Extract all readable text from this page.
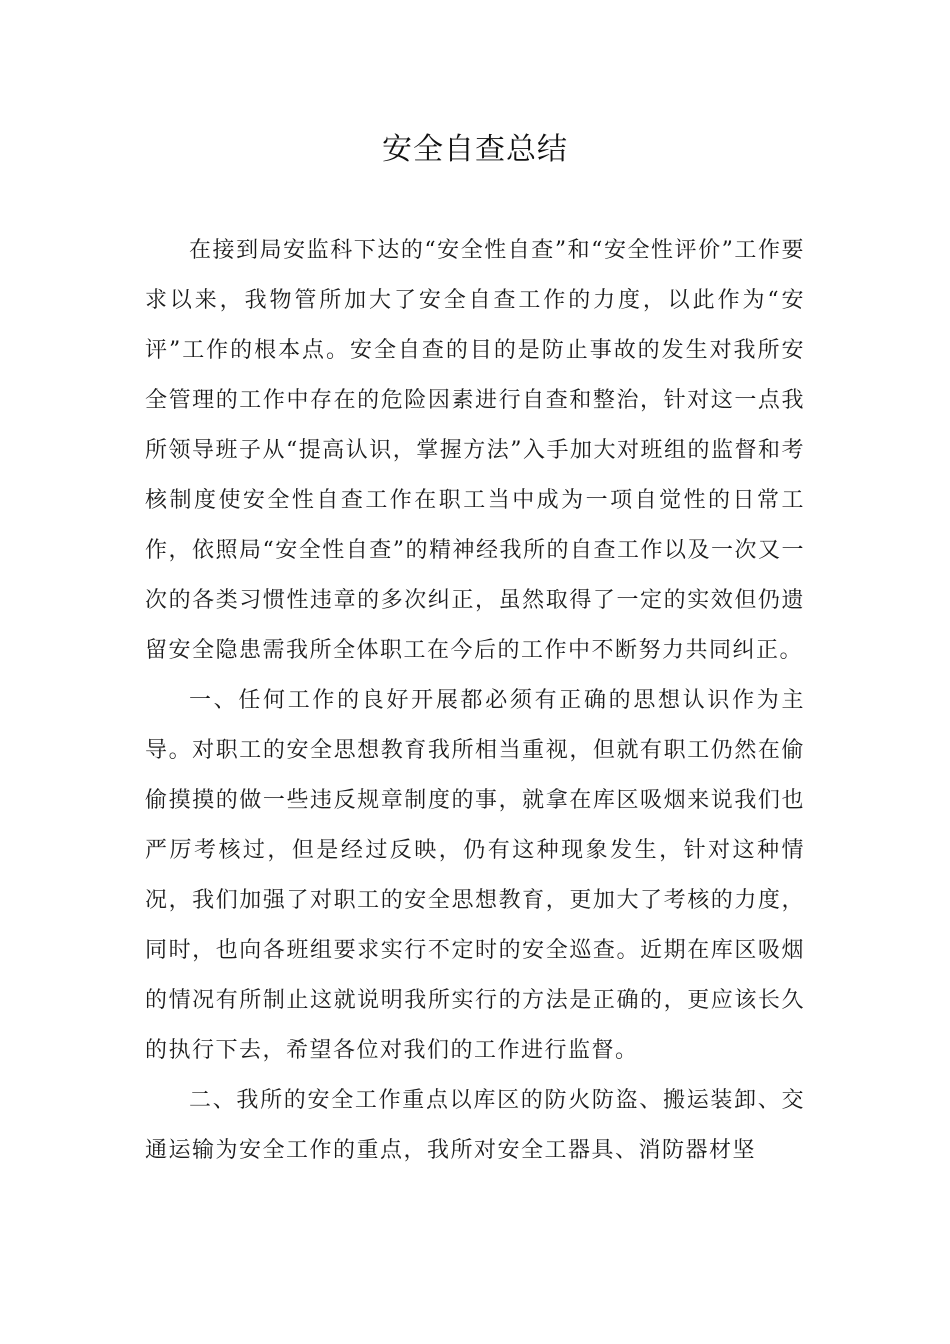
安全自查总结

在接到局安监科下达的“安全性自查”和“安全性评价”工作要求以来，我物管所加大了安全自查工作的力度，以此作为“安评”工作的根本点。安全自查的目的是防止事故的发生对我所安全管理的工作中存在的危险因素进行自查和整治，针对这一点我所领导班子从“提高认识，掌握方法”入手加大对班组的监督和考核制度使安全性自查工作在职工当中成为一项自觉性的日常工作，依照局“安全性自查”的精神经我所的自查工作以及一次又一次的各类习惯性违章的多次纠正，虽然取得了一定的实效但仍遗留安全隐患需我所全体职工在今后的工作中不断努力共同纠正。

一、任何工作的良好开展都必须有正确的思想认识作为主导。对职工的安全思想教育我所相当重视，但就有职工仍然在偷偷摸摸的做一些违反规章制度的事，就拿在库区吸烟来说我们也严厉考核过，但是经过反映，仍有这种现象发生，针对这种情况，我们加强了对职工的安全思想教育，更加大了考核的力度，同时，也向各班组要求实行不定时的安全巡查。近期在库区吸烟的情况有所制止这就说明我所实行的方法是正确的，更应该长久的执行下去，希望各位对我们的工作进行监督。

二、我所的安全工作重点以库区的防火防盗、搬运装卸、交通运输为安全工作的重点，我所对安全工器具、消防器材坚
